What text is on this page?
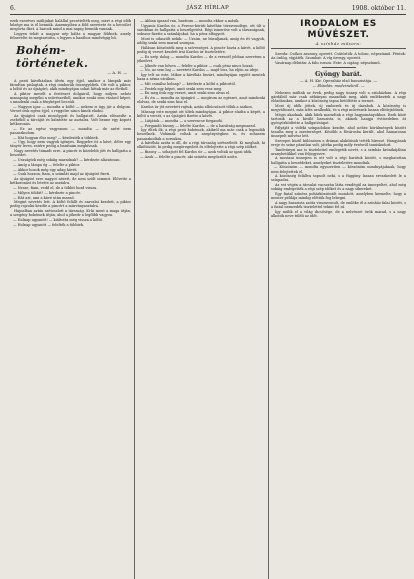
6.	JÁSZ HÍRLAP	1908. október 11.

ezek ezeréves múltjukat halállal pecsételték meg, mert a régi idők hűsége ma is él bennük. Amennyiben a föld szeretete és a becsület megóvta őket, a harcok mind a mai napig bennük vannak.

Legyen tehát a magyar nép hálás a magyar földnek, amely felnevelte és megtartotta, s legyen a hazához mindvégig hű.

Bohém-történetek.
— A. H. —

A pesti kávéházban ülvén egy éjjel, amikor a lámpák már fáradtan pislogtak, a régi cimborák összegyűltek. Ott volt a piktor, a költő és az újságíró, akik mindnyájan sokat láttak már az életből.

A piktor mesélt a festészet dolgairól, hogy milyen nehéz manapság megélni a művészetből, amikor senki sem vásárol képet, s mindenki csak a fényképet becsüli.

— Nagyon igaz — mondta a költő — nekem is úgy jár a dolgom. Verset írok egész éjjel, s reggelre nincs kinek eladni.

Az újságíró csak mosolygott és hallgatott. Aztán előszedte a zsebéből a tárcáját és kiöntötte az asztalra. Volt benne egy kopott kétkoronás.

— Ez az egész vagyonom — mondta — de azért nem panaszkodom.

— Hát hogyan élsz meg? — kérdezték a többiek.

— Úgy, hogy nem vagyok igényes. Reggelre itt a kávé, délre egy tányér leves, estére pedig a barátaim meghívnak.

Nagy nevetés támadt erre. A pincér is közelebb jött és hallgatta a beszédet.

— Uraságtok még sokáig maradnak? — kérdezte alázatosan.

— Amíg a lámpa ég — felelte a piktor.

— Akkor hozok még egy adag kávét.

— Csak hozzon, fiam, a számlát majd az újságíró fizeti.

Az újságíró erre nagyot nézett, de nem szólt semmit. Elővette a kétkoronást és letette az asztalra.

— Nesze, fiam, vedd el, de a többit hozd vissza.

— Milyen többit? — kérdezte a pincér.

— Hát azt, ami a kávé után marad.

Megint nevetés lett. A költő felállt és szavalni kezdett, a piktor pedig rajzolni kezdte a pincért a márványasztalra.

Hajnalban aztán szétoszlott a társaság. Ki-ki ment a maga útján, a szegény bohémek útján, ahol a jókedv a legfőbb vagyon.

— Holnap ugyanitt! — kiáltotta még vissza a költő.

— Holnap ugyanitt — felelték a többiek.

— Abban igazad van, barátom — mondta ekkor a másik.

Ugyanis Kardos úr, a Ferenc-körúti kávéház törzsvendége, ott ült a sarokban és hallgatta a beszélgetést. Régi ismerőse volt a társaságnak, sokszor fizette a számlájukat, ha a pénz elfogyott.

Most is odaszólt nekik: — Uraim, ne búsuljanak, amíg én itt vagyok, addig senki sem marad szomjan.

Hálásan köszönték meg a szívességet. A pincér hozta a kávét, a költő pedig új verset kezdett írni Kardos úr tiszteletére.

— Ez szép dolog — mondta Kardos — de a versnél jobban szeretem a jókedvet.

— Jókedv van bőven — felelte a piktor — csak pénz nincs hozzá.

— No, az sem baj — nevetett Kardos — majd lesz, ha eljön az ideje.

Így telt az este. Mikor a kávéház bezárt, mindnyájan együtt mentek haza a néma utcákon.

— Mit csinálsz holnap? — kérdezte a költő a piktortól.

— Festek egy képet, amit senki sem vesz meg.

— Én meg írok egy verset, amit senki sem olvas el.

— És én — mondta az újságíró — megírom az egészet, amit mindenki elolvas, de senki sem hisz el.

Kardos úr jót nevetett rajtuk, aztán elbúcsúzott tőlük a sarkon.

Másnap este megint ott ültek mindnyájan. A piktor eladta a képét, a költő a versét, s az újságíró fizette a kávét.

— Látjátok — mondta — a szerencse forgandó.

— Forgandó bizony — felelte Kardos — de a barátság megmarad.

Így éltek ők, a régi pesti bohémek, akikről ma már csak a legendák beszélnek. Vidámak voltak a szegénységben is, és sohasem panaszkodtak a sorsukra.

A kávéház azóta is áll, de a régi társaság szétszéledt. Ki meghalt, ki elköltözött, ki pedig megöregedett és elfelejtette a régi szép időket.

— Bizony — sóhajtott fel Kardos úr — azok voltak az igazi idők.

— Azok — felelte a pincér, aki szintén megőszült azóta.

IRODALOM ÉS MŰVÉSZET.
A színház műsora:

Szerda: Csókos asszony, operett. Csütörtök: A tolonc, népszínmű. Péntek: Az ördög, vígjáték. Szombat: A víg özvegy, operett.

Vasárnap délután: A falu rossza. Este: A cigány, népszínmű.

Gyöngy barát.
— A. H. Kir. Operaház első basszistája. —
— Előadás: modernekről. —

Nehezen múltak az évek, pedig nagy ünnep volt a színházban. A régi gárdából már csak néhányan maradtak meg, akik emlékeztek a nagy előadásokra, amikor a közönség tapsa betöltötte a termet.

Most új idők jöttek, új emberek és új darabok. A közönség is megváltozott, más ízlés uralkodik, és a régi művészek lassan elfelejtődnek.

Mégis akadnak, akik hűek maradtak a régi hagyományokhoz. Ezek közé tartozik az a kiváló basszista is, akinek hangja évtizedeken át gyönyörködtette a hallgatóságot.

Pályáját a vidéki színpadokon kezdte, ahol nehéz körülmények között tanulta meg a mesterséget. Később a fővárosba került, ahol hamarosan ünnepelt művész lett.

Szerepei közül különösen a drámai alakítások tették híressé. Hangjának ereje és színe páratlan volt, játéka pedig mély érzésről tanúskodott.

Tanítványai ma is tisztelettel emlegetik nevét, s a színház krónikájában aranybetűkkel van feljegyezve.

A mostani ünnepen is ott volt a régi barátok között, s meghatottan hallgatta a beszédeket, amelyeket tiszteletére mondtak.

— Köszönöm — mondta egyszerűen — köszönöm mindnyájuknak, hogy nem felejtettek el.

A közönség felállva tapsolt neki, s a függöny lassan ereszkedett le a színpadra.

Az est végén a társulat vacsorán látta vendégül az ünnepeltet, ahol még sokáig emlegették a régi szép időket és a nagy sikereket.

Egy fiatal színész pohárköszöntőt mondott, amelyben kiemelte, hogy a mester példája mindig előttük fog lebegni.

A nagy basszista azóta visszavonult, de emléke él a színház falai között, s a fiatal nemzedék tisztelettel tekint fel rá.

Így múlik el a világ dicsősége, de a művészet örök marad, s a nagy alkotók neve túléli az időt.
